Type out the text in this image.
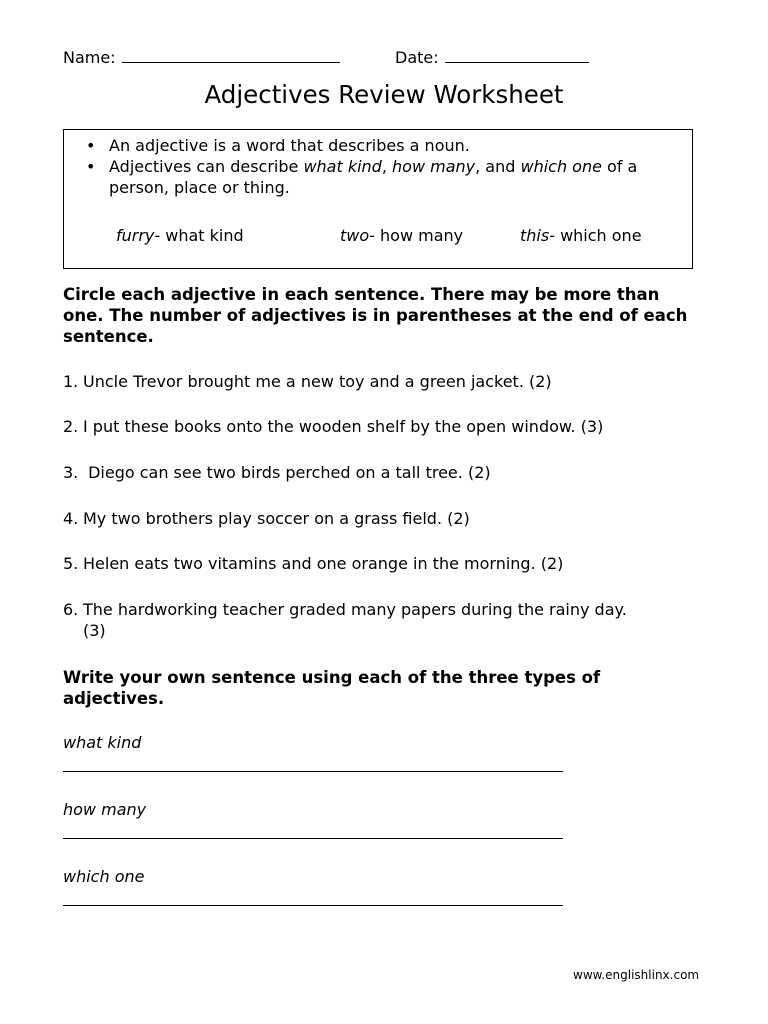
Name:	Date:
Adjectives Review Worksheet
• An adjective is a word that describes a noun.
• Adjectives can describe what kind, how many, and which one of a person, place or thing.
furry- what kind	two- how many	this- which one
Circle each adjective in each sentence. There may be more than one. The number of adjectives is in parentheses at the end of each sentence.
1. Uncle Trevor brought me a new toy and a green jacket. (2)
2. I put these books onto the wooden shelf by the open window. (3)
3. Diego can see two birds perched on a tall tree. (2)
4. My two brothers play soccer on a grass field. (2)
5. Helen eats two vitamins and one orange in the morning. (2)
6. The hardworking teacher graded many papers during the rainy day.
(3)
Write your own sentence using each of the three types of adjectives.
what kind
how many
which one
www.englishlinx.com
